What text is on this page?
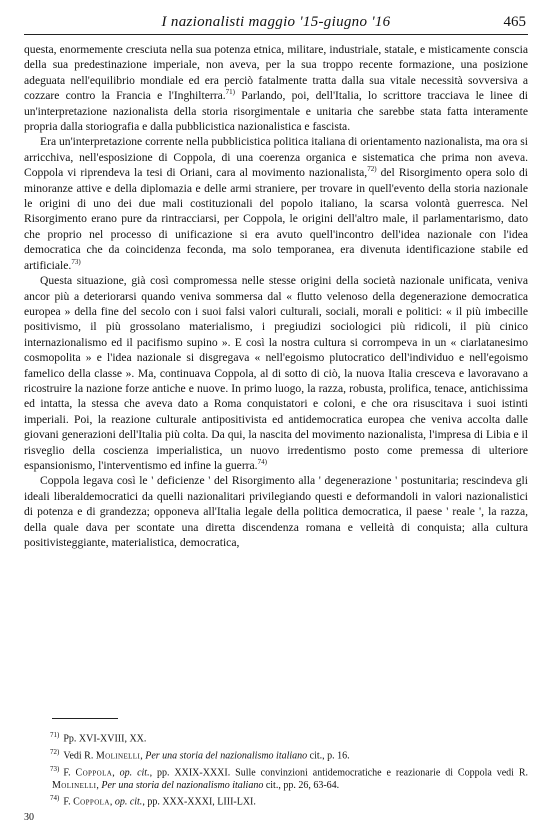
I nazionalisti maggio '15-giugno '16	465

questa, enormemente cresciuta nella sua potenza etnica, militare, industriale, statale, e misticamente conscia della sua predestinazione imperiale, non aveva, per la sua troppo recente formazione, una posizione adeguata nell'equilibrio mondiale ed era perciò fatalmente tratta dalla sua vitale necessità sovversiva a cozzare contro la Francia e l'Inghilterra.$^{71)}$ Parlando, poi, dell'Italia, lo scrittore tracciava le linee di un'interpretazione nazionalista della storia risorgimentale e unitaria che sarebbe stata fatta interamente propria dalla storiografia e dalla pubblicistica nazionalistica e fascista.

Era un'interpretazione corrente nella pubblicistica politica italiana di orientamento nazionalista, ma ora si arricchiva, nell'esposizione di Coppola, di una coerenza organica e sistematica che prima non aveva. Coppola vi riprendeva la tesi di Oriani, cara al movimento nazionalista,$^{72)}$ del Risorgimento opera solo di minoranze attive e della diplomazia e delle armi straniere, per trovare in quell'evento della storia nazionale le origini di uno dei due mali costituzionali del popolo italiano, la scarsa volontà guerresca. Nel Risorgimento erano pure da rintracciarsi, per Coppola, le origini dell'altro male, il parlamentarismo, dato che proprio nel processo di unificazione si era avuto quell'incontro dell'idea nazionale con l'idea democratica che da coincidenza feconda, ma solo temporanea, era divenuta identificazione stabile ed artificiale.$^{73)}$

Questa situazione, già così compromessa nelle stesse origini della società nazionale unificata, veniva ancor più a deteriorarsi quando veniva sommersa dal « flutto velenoso della degenerazione democratica europea » della fine del secolo con i suoi falsi valori culturali, sociali, morali e politici: « il più imbecille positivismo, il più grossolano materialismo, i pregiudizi sociologici più ridicoli, il più cinico internazionalismo ed il pacifismo supino ». E così la nostra cultura si corrompeva in un « ciarlatanesimo cosmopolita » e l'idea nazionale si disgregava « nell'egoismo plutocratico dell'individuo e nell'egoismo famelico della classe ». Ma, continuava Coppola, al di sotto di ciò, la nuova Italia cresceva e lavoravano a ricostruire la nazione forze antiche e nuove. In primo luogo, la razza, robusta, prolifica, tenace, antichissima ed intatta, la stessa che aveva dato a Roma conquistatori e coloni, e che ora risuscitava i suoi istinti imperiali. Poi, la reazione culturale antipositivista ed antidemocratica europea che veniva accolta dalle giovani generazioni dell'Italia più colta. Da qui, la nascita del movimento nazionalista, l'impresa di Libia e il risveglio della coscienza imperialistica, un nuovo irredentismo posto come premessa di ulteriore espansionismo, l'interventismo ed infine la guerra.$^{74)}$

Coppola legava così le ' deficienze ' del Risorgimento alla ' degenerazione ' postunitaria; rescindeva gli ideali liberaldemocratici da quelli nazionalitari privilegiando questi e deformandoli in valori nazionalistici di potenza e di grandezza; opponeva all'Italia legale della politica democratica, il paese ' reale ', la razza, della quale dava per scontate una diretta discendenza romana e velleità di conquista; alla cultura positivisteggiante, materialistica, democratica,

$^{71)}$ Pp. XVI-XVIII, XX.
$^{72)}$ Vedi R. Molinelli, Per una storia del nazionalismo italiano cit., p. 16.
$^{73)}$ F. Coppola, op. cit., pp. XXIX-XXXI. Sulle convinzioni antidemocratiche e reazionarie di Coppola vedi R. Molinelli, Per una storia del nazionalismo italiano cit., pp. 26, 63-64.
$^{74)}$ F. Coppola, op. cit., pp. XXX-XXXI, LIII-LXI.
30
